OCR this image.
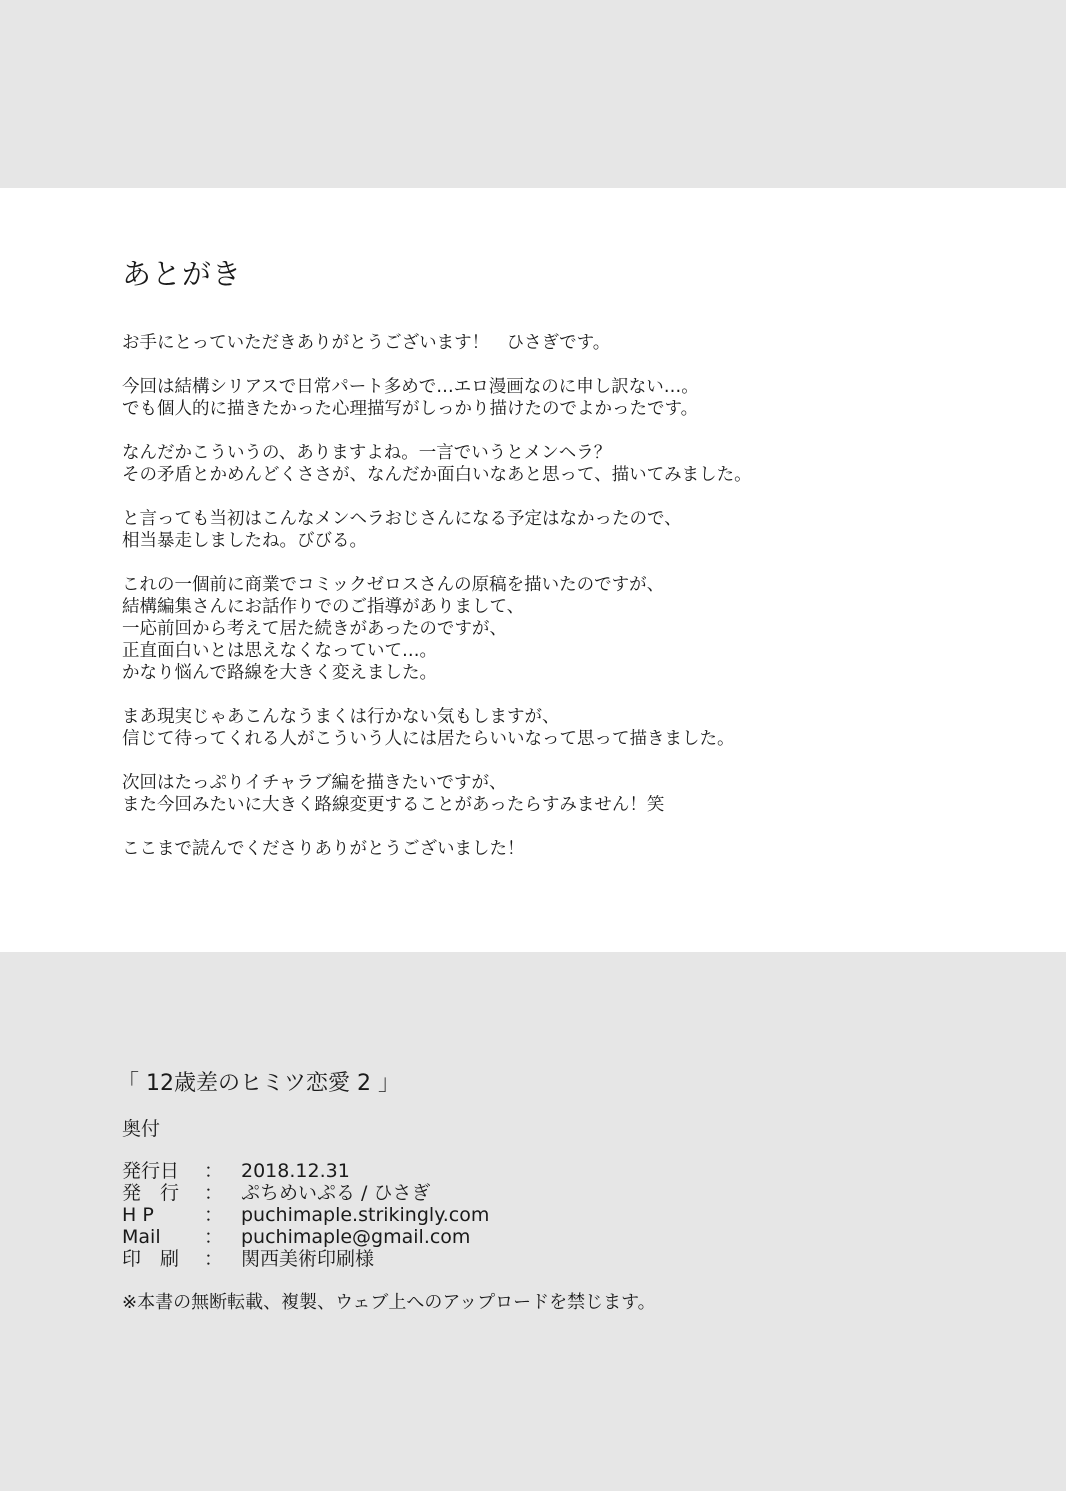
あとがき
お手にとっていただきありがとうございます！　ひさぎです。
今回は結構シリアスで日常パート多めで…エロ漫画なのに申し訳ない…。
でも個人的に描きたかった心理描写がしっかり描けたのでよかったです。
なんだかこういうの、ありますよね。一言でいうとメンヘラ？
その矛盾とかめんどくささが、なんだか面白いなあと思って、描いてみました。
と言っても当初はこんなメンヘラおじさんになる予定はなかったので、
相当暴走しましたね。びびる。
これの一個前に商業でコミックゼロスさんの原稿を描いたのですが、
結構編集さんにお話作りでのご指導がありまして、
一応前回から考えて居た続きがあったのですが、
正直面白いとは思えなくなっていて…。
かなり悩んで路線を大きく変えました。
まあ現実じゃあこんなうまくは行かない気もしますが、
信じて待ってくれる人がこういう人には居たらいいなって思って描きました。
次回はたっぷりイチャラブ編を描きたいですが、
また今回みたいに大きく路線変更することがあったらすみません！笑
ここまで読んでくださりありがとうございました！
「 12歳差のヒミツ恋愛 2 」
奥付
発行日	： 2018.12.31
発　行	： ぷちめいぷる / ひさぎ
H P	： puchimaple.strikingly.com
Mail	： puchimaple@gmail.com
印　刷	： 関西美術印刷様
※本書の無断転載、複製、ウェブ上へのアップロードを禁じます。
